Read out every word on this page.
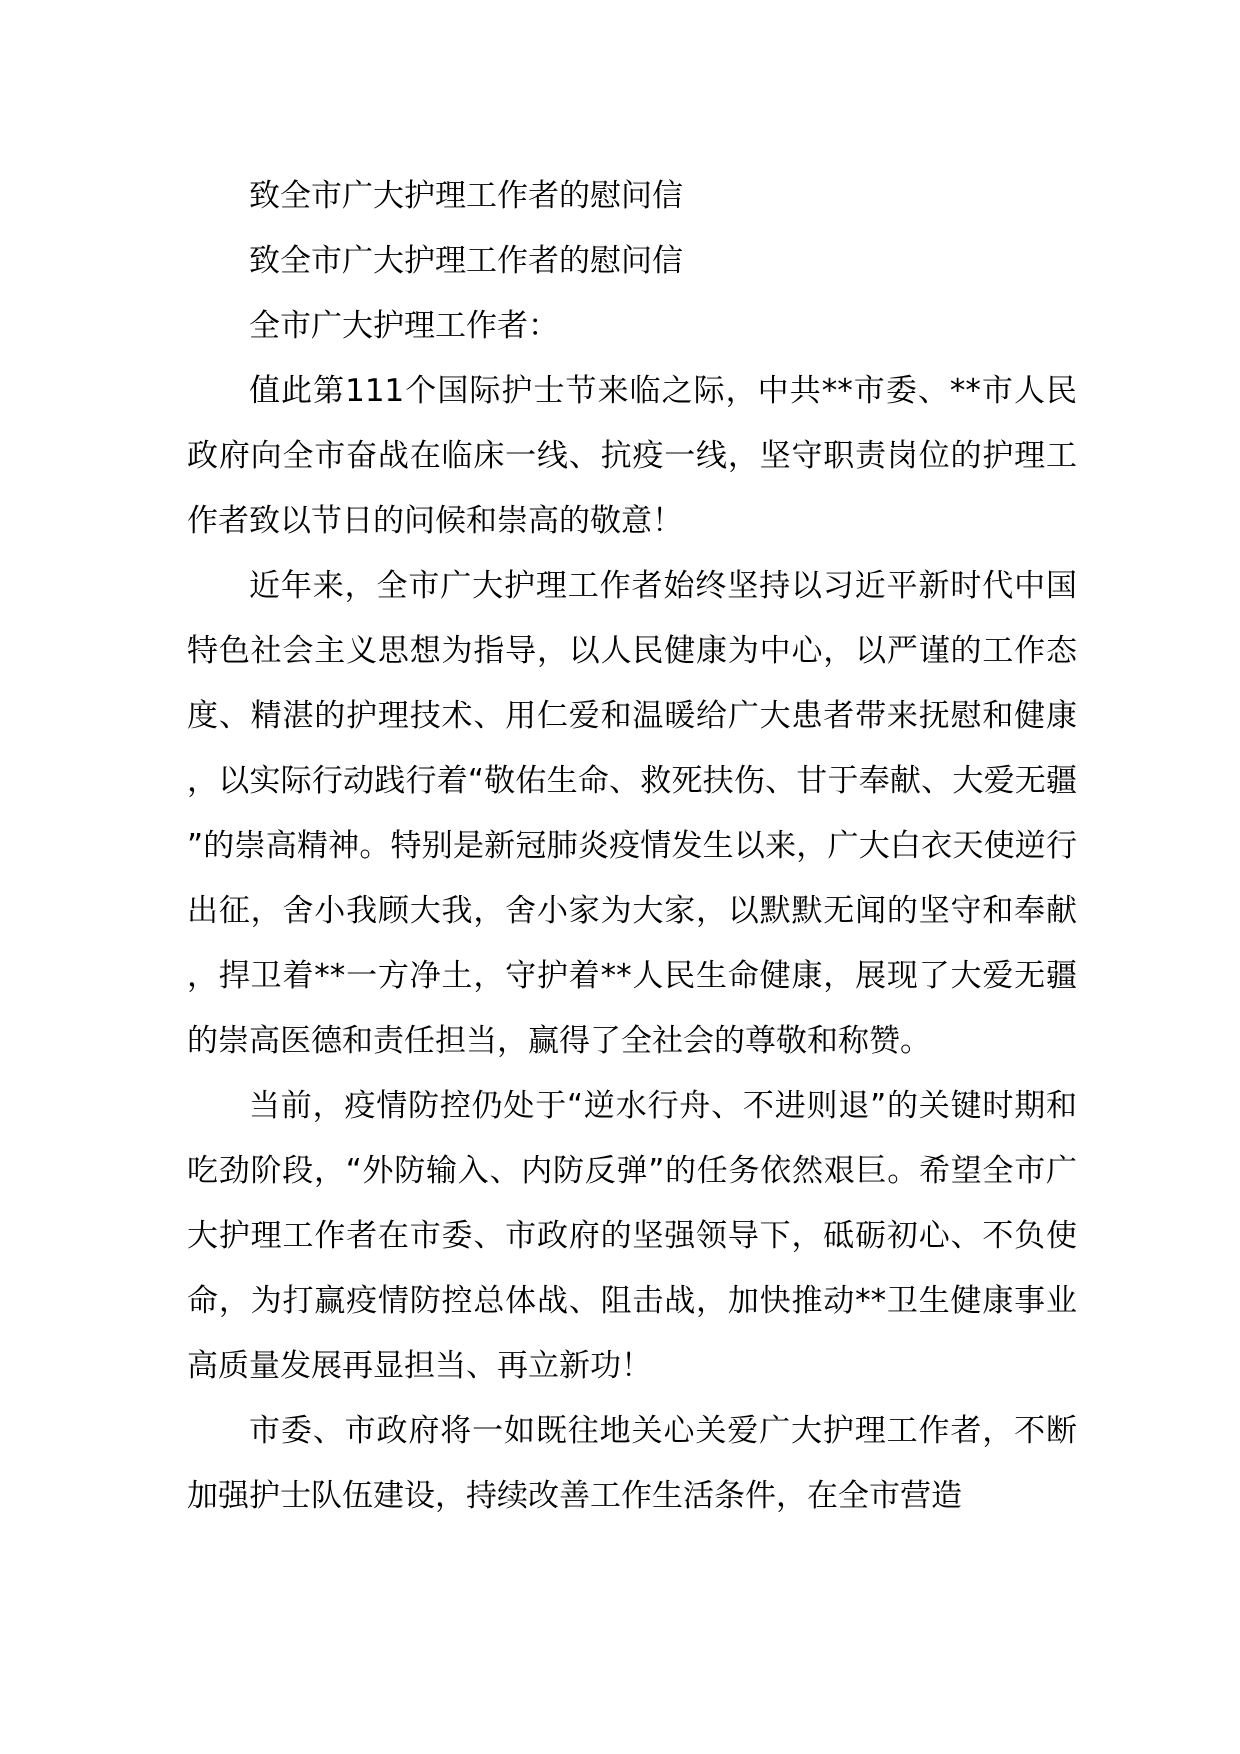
致全市广大护理工作者的慰问信

致全市广大护理工作者的慰问信

全市广大护理工作者：

值此第111个国际护士节来临之际，中共**市委、**市人民政府向全市奋战在临床一线、抗疫一线，坚守职责岗位的护理工作者致以节日的问候和崇高的敬意！

近年来，全市广大护理工作者始终坚持以习近平新时代中国特色社会主义思想为指导，以人民健康为中心，以严谨的工作态度、精湛的护理技术、用仁爱和温暖给广大患者带来抚慰和健康，以实际行动践行着“敬佑生命、救死扶伤、甘于奉献、大爱无疆”的崇高精神。特别是新冠肺炎疫情发生以来，广大白衣天使逆行出征，舍小我顾大我，舍小家为大家，以默默无闻的坚守和奉献，捍卫着**一方净土，守护着**人民生命健康，展现了大爱无疆的崇高医德和责任担当，赢得了全社会的尊敬和称赞。

当前，疫情防控仍处于“逆水行舟、不进则退”的关键时期和吃劲阶段，“外防输入、内防反弹”的任务依然艰巨。希望全市广大护理工作者在市委、市政府的坚强领导下，砥砺初心、不负使命，为打赢疫情防控总体战、阻击战，加快推动**卫生健康事业高质量发展再显担当、再立新功！

市委、市政府将一如既往地关心关爱广大护理工作者，不断加强护士队伍建设，持续改善工作生活条件，在全市营造
